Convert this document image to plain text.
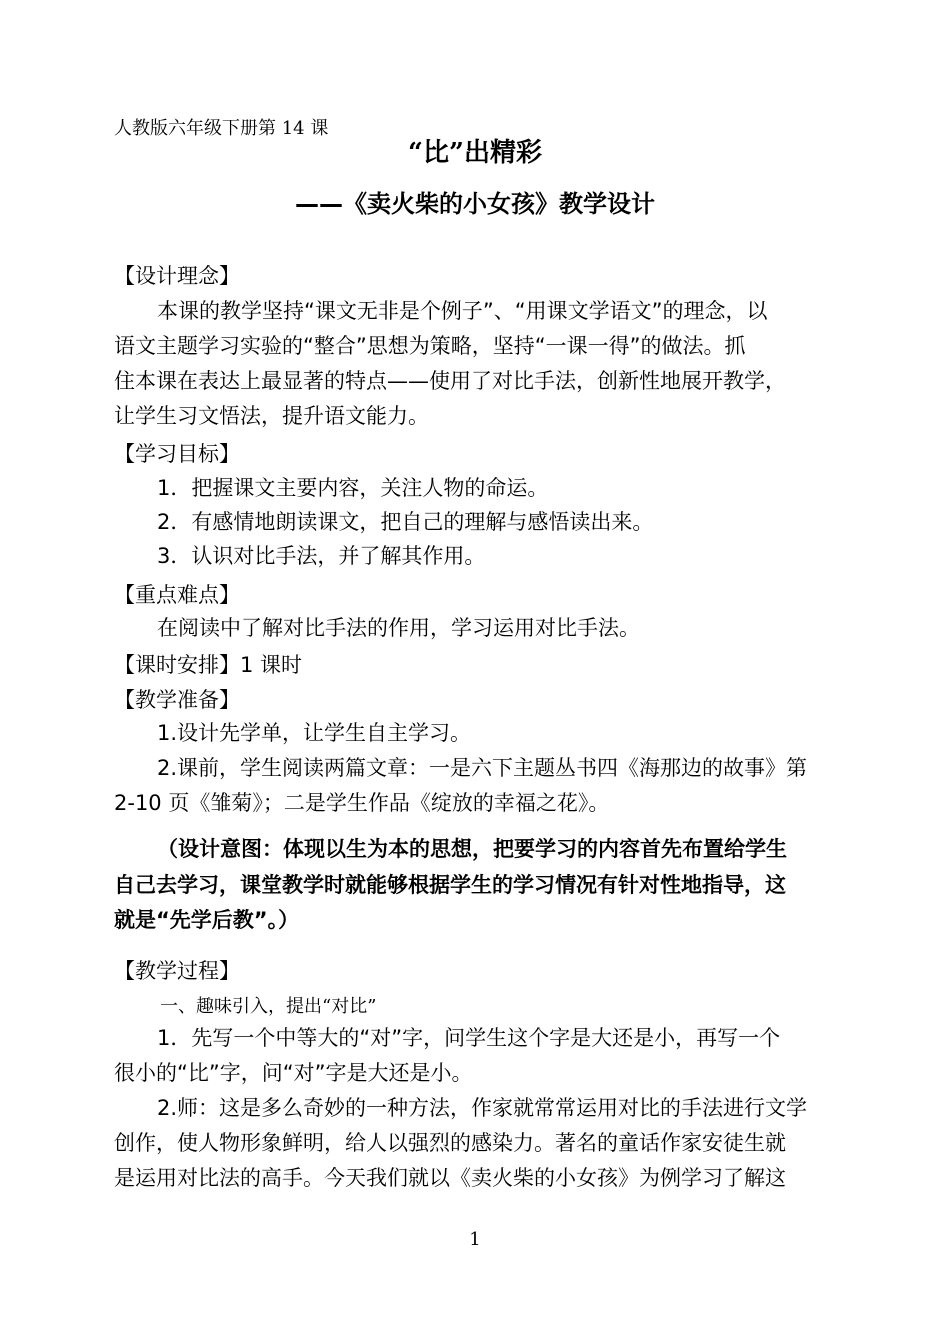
人教版六年级下册第 14 课
“比”出精彩
——《卖火柴的小女孩》教学设计
【设计理念】
本课的教学坚持“课文无非是个例子”、“用课文学语文”的理念，以
语文主题学习实验的“整合”思想为策略，坚持“一课一得”的做法。抓
住本课在表达上最显著的特点——使用了对比手法，创新性地展开教学，
让学生习文悟法，提升语文能力。
【学习目标】
1．把握课文主要内容，关注人物的命运。
2．有感情地朗读课文，把自己的理解与感悟读出来。
3．认识对比手法，并了解其作用。
【重点难点】
在阅读中了解对比手法的作用，学习运用对比手法。
【课时安排】1 课时
【教学准备】
1.设计先学单，让学生自主学习。
2.课前，学生阅读两篇文章：一是六下主题丛书四《海那边的故事》第
2-10 页《雏菊》；二是学生作品《绽放的幸福之花》。
（设计意图：体现以生为本的思想，把要学习的内容首先布置给学生
自己去学习，课堂教学时就能够根据学生的学习情况有针对性地指导，这
就是“先学后教”。）
【教学过程】
一、趣味引入，提出“对比”
1．先写一个中等大的“对”字，问学生这个字是大还是小，再写一个
很小的“比”字，问“对”字是大还是小。
2.师：这是多么奇妙的一种方法，作家就常常运用对比的手法进行文学
创作，使人物形象鲜明，给人以强烈的感染力。著名的童话作家安徒生就
是运用对比法的高手。今天我们就以《卖火柴的小女孩》为例学习了解这
1
